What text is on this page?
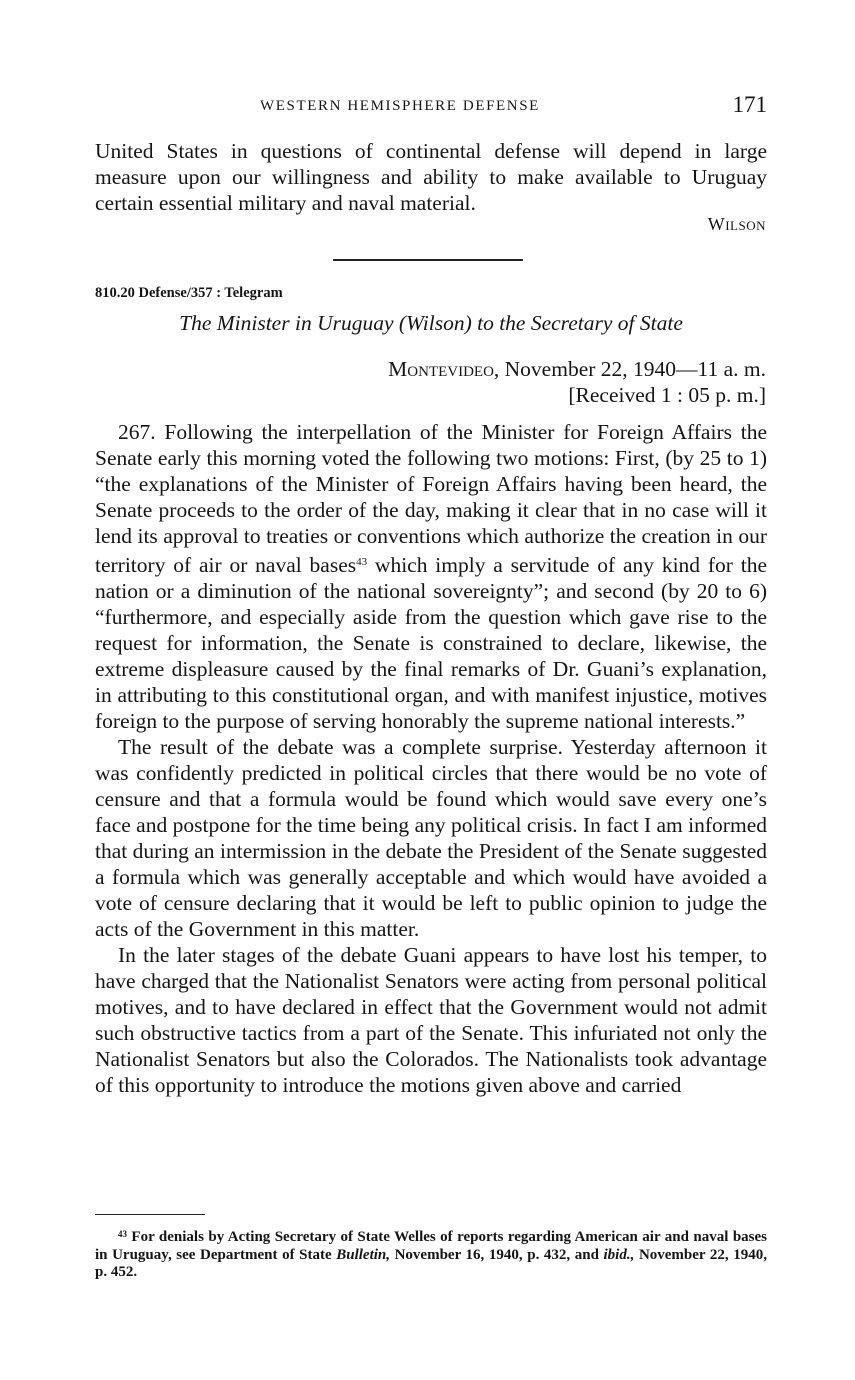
WESTERN HEMISPHERE DEFENSE	171

United States in questions of continental defense will depend in large measure upon our willingness and ability to make available to Uruguay certain essential military and naval material.

Wilson
810.20 Defense/357 : Telegram
The Minister in Uruguay (Wilson) to the Secretary of State
Montevideo, November 22, 1940—11 a. m.
[Received 1 : 05 p. m.]

267. Following the interpellation of the Minister for Foreign Affairs the Senate early this morning voted the following two motions: First, (by 25 to 1) “the explanations of the Minister of Foreign Affairs having been heard, the Senate proceeds to the order of the day, making it clear that in no case will it lend its approval to treaties or conventions which authorize the creation in our territory of air or naval bases$^{43}$ which imply a servitude of any kind for the nation or a diminution of the national sovereignty”; and second (by 20 to 6) “furthermore, and especially aside from the question which gave rise to the request for information, the Senate is constrained to declare, likewise, the extreme displeasure caused by the final remarks of Dr. Guani’s explanation, in attributing to this constitutional organ, and with manifest injustice, motives foreign to the purpose of serving honorably the supreme national interests.”

The result of the debate was a complete surprise. Yesterday afternoon it was confidently predicted in political circles that there would be no vote of censure and that a formula would be found which would save every one’s face and postpone for the time being any political crisis. In fact I am informed that during an intermission in the debate the President of the Senate suggested a formula which was generally acceptable and which would have avoided a vote of censure declaring that it would be left to public opinion to judge the acts of the Government in this matter.

In the later stages of the debate Guani appears to have lost his temper, to have charged that the Nationalist Senators were acting from personal political motives, and to have declared in effect that the Government would not admit such obstructive tactics from a part of the Senate. This infuriated not only the Nationalist Senators but also the Colorados. The Nationalists took advantage of this opportunity to introduce the motions given above and carried

$^{43}$ For denials by Acting Secretary of State Welles of reports regarding American air and naval bases in Uruguay, see Department of State Bulletin, November 16, 1940, p. 432, and ibid., November 22, 1940, p. 452.
